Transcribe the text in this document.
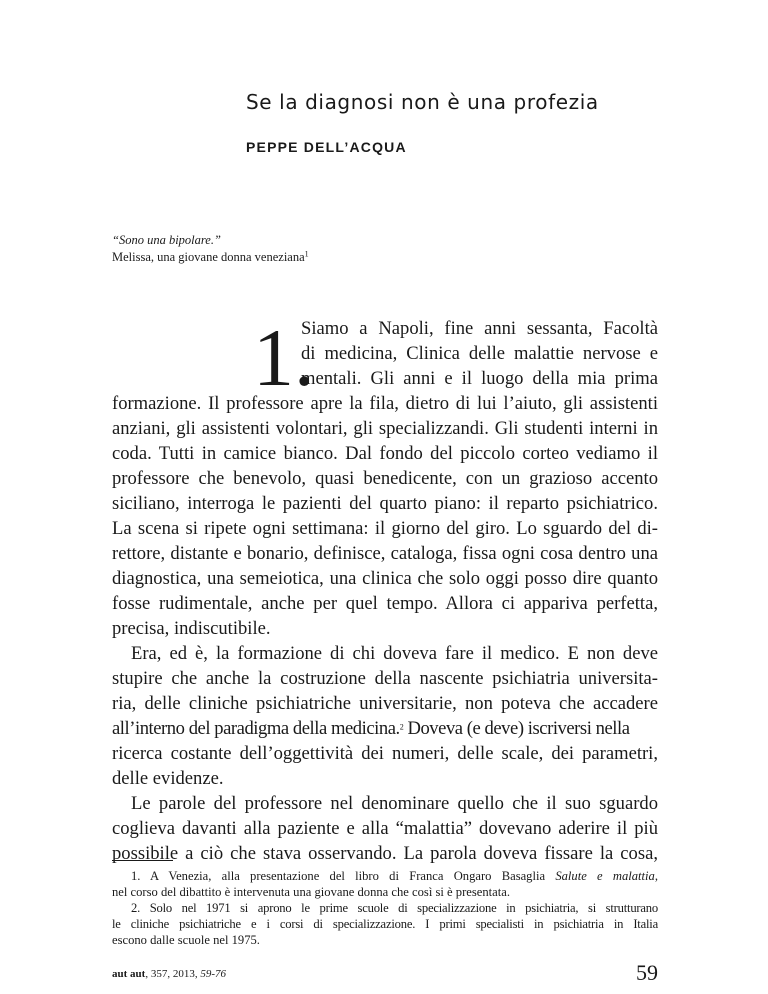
Se la diagnosi non è una profezia
PEPPE DELL’ACQUA
“Sono una bipolare.”
Melissa, una giovane donna veneziana$^1$
1.
Siamo a Napoli, fine anni sessanta, Facoltà
di medicina, Clinica delle malattie nervose e
mentali. Gli anni e il luogo della mia prima
formazione. Il professore apre la fila, dietro di lui l’aiuto, gli assistenti
anziani, gli assistenti volontari, gli specializzandi. Gli studenti interni in
coda. Tutti in camice bianco. Dal fondo del piccolo corteo vediamo il
professore che benevolo, quasi benedicente, con un grazioso accento
siciliano, interroga le pazienti del quarto piano: il reparto psichiatrico.
La scena si ripete ogni settimana: il giorno del giro. Lo sguardo del di-
rettore, distante e bonario, definisce, cataloga, fissa ogni cosa dentro una
diagnostica, una semeiotica, una clinica che solo oggi posso dire quanto
fosse rudimentale, anche per quel tempo. Allora ci appariva perfetta,
precisa, indiscutibile.
Era, ed è, la formazione di chi doveva fare il medico. E non deve
stupire che anche la costruzione della nascente psichiatria universita-
ria, delle cliniche psichiatriche universitarie, non poteva che accadere
all’interno del paradigma della medicina.$^2$ Doveva (e deve) iscriversi nella
ricerca costante dell’oggettività dei numeri, delle scale, dei parametri,
delle evidenze.
Le parole del professore nel denominare quello che il suo sguardo
coglieva davanti alla paziente e alla “malattia” dovevano aderire il più
possibile a ciò che stava osservando. La parola doveva fissare la cosa,
1. A Venezia, alla presentazione del libro di Franca Ongaro Basaglia Salute e malattia,
nel corso del dibattito è intervenuta una giovane donna che così si è presentata.
2. Solo nel 1971 si aprono le prime scuole di specializzazione in psichiatria, si strutturano
le cliniche psichiatriche e i corsi di specializzazione. I primi specialisti in psichiatria in Italia
escono dalle scuole nel 1975.
aut aut, 357, 2013, 59-76	59
